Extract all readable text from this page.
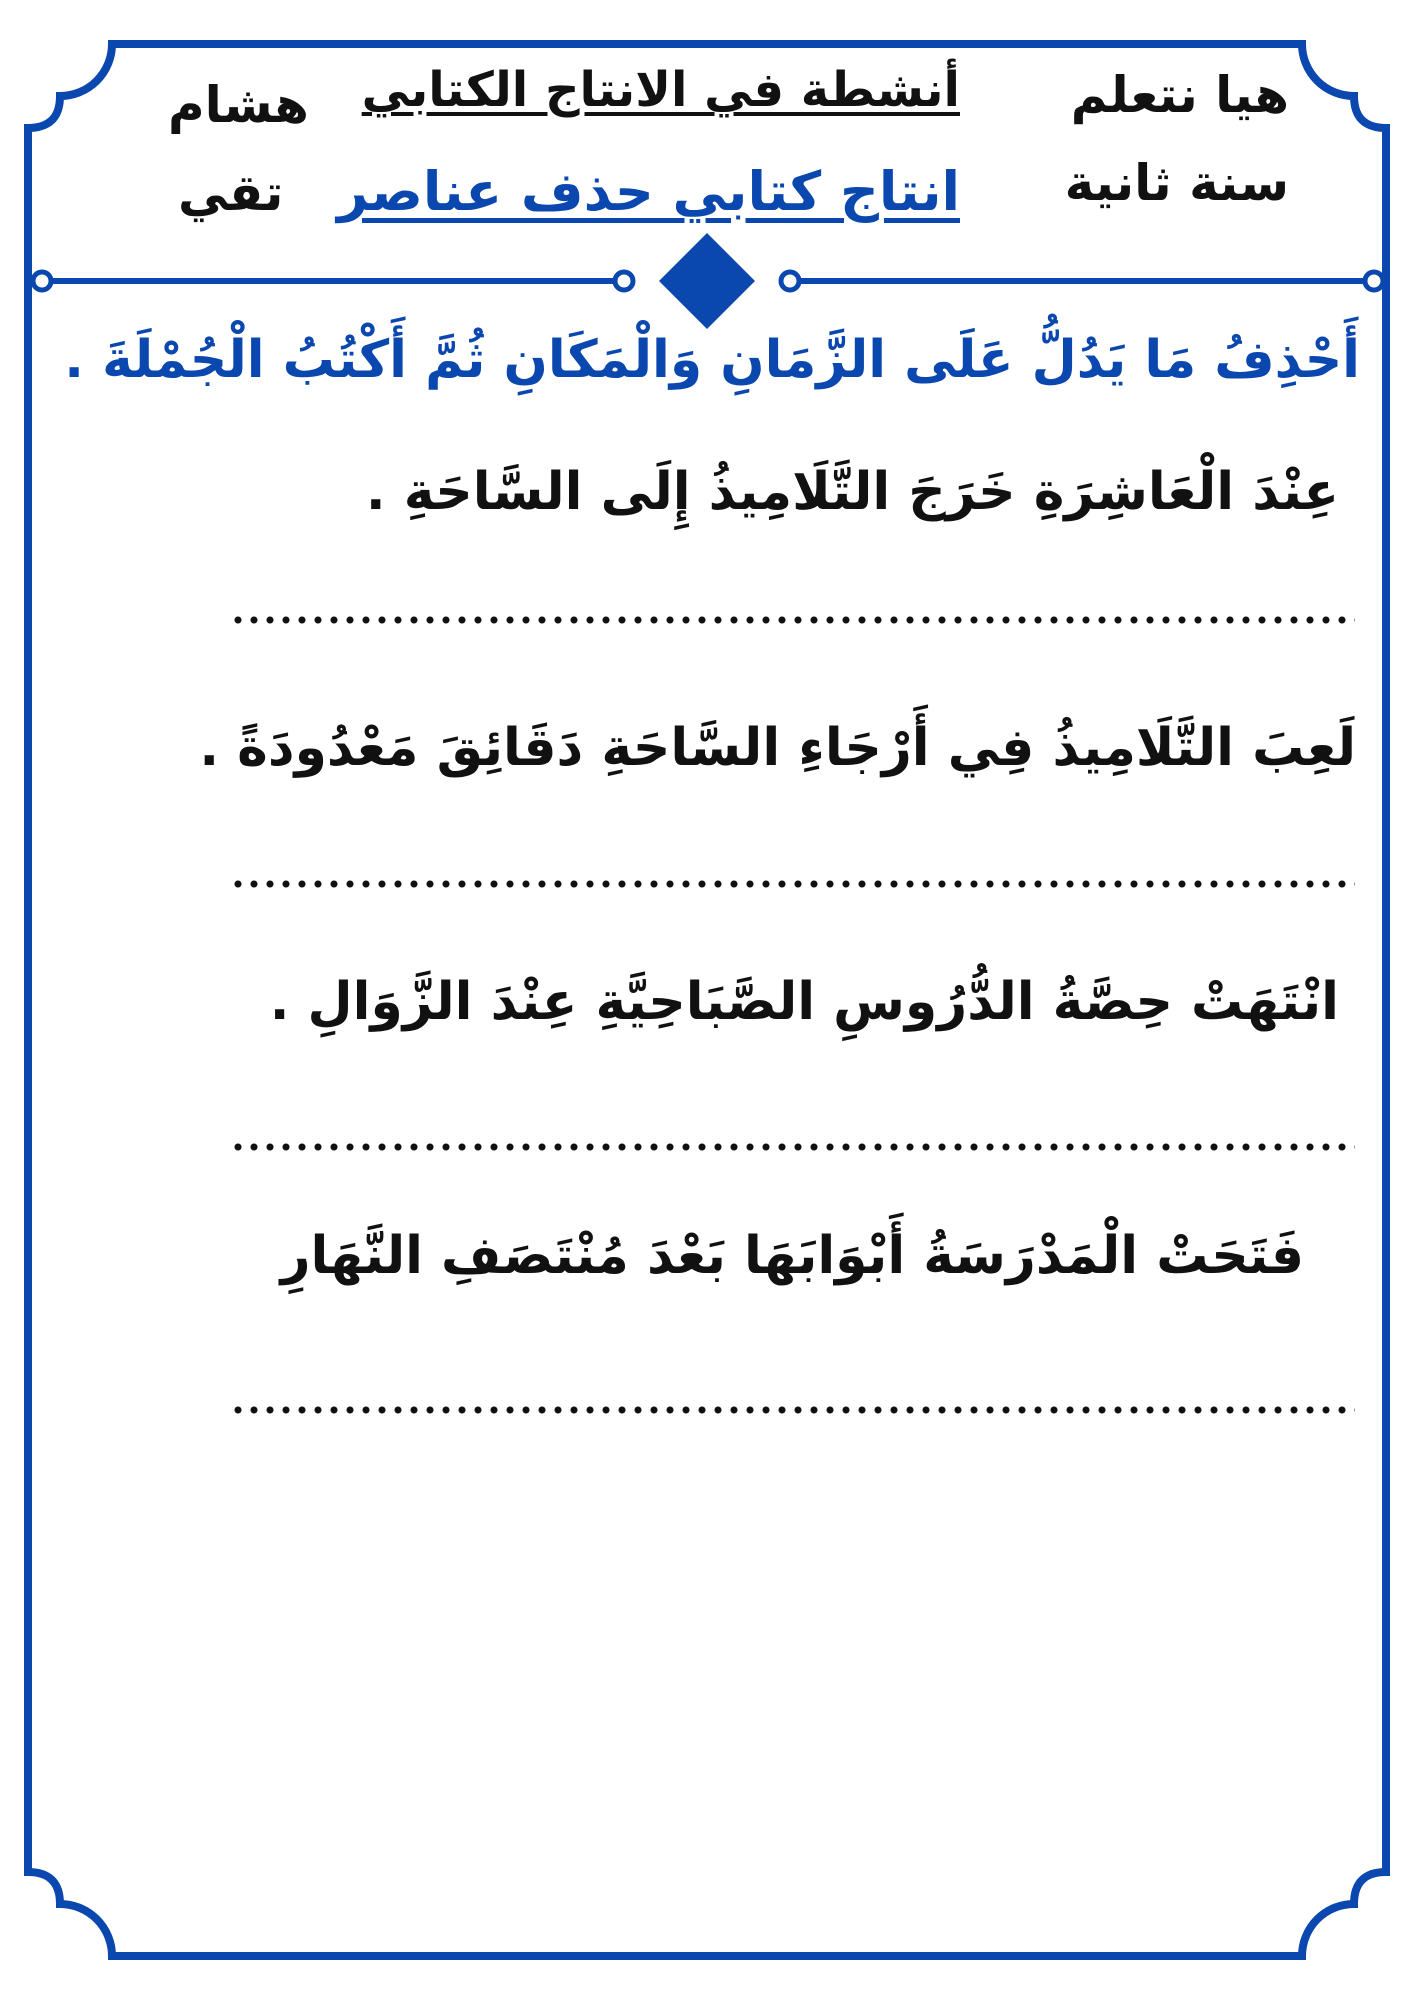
هيا نتعلم
سنة ثانية
هشام
تقي
أنشطة في الانتاج الكتابي
انتاج كتابي حذف عناصر
أَحْذِفُ مَا يَدُلُّ عَلَى الزَّمَانِ وَالْمَكَانِ ثُمَّ أَكْتُبُ الْجُمْلَةَ .
عِنْدَ الْعَاشِرَةِ خَرَجَ التَّلَامِيذُ إِلَى السَّاحَةِ .
لَعِبَ التَّلَامِيذُ فِي أَرْجَاءِ السَّاحَةِ دَقَائِقَ مَعْدُودَةً .
انْتَهَتْ حِصَّةُ الدُّرُوسِ الصَّبَاحِيَّةِ عِنْدَ الزَّوَالِ .
فَتَحَتْ الْمَدْرَسَةُ أَبْوَابَهَا بَعْدَ مُنْتَصَفِ النَّهَارِ
